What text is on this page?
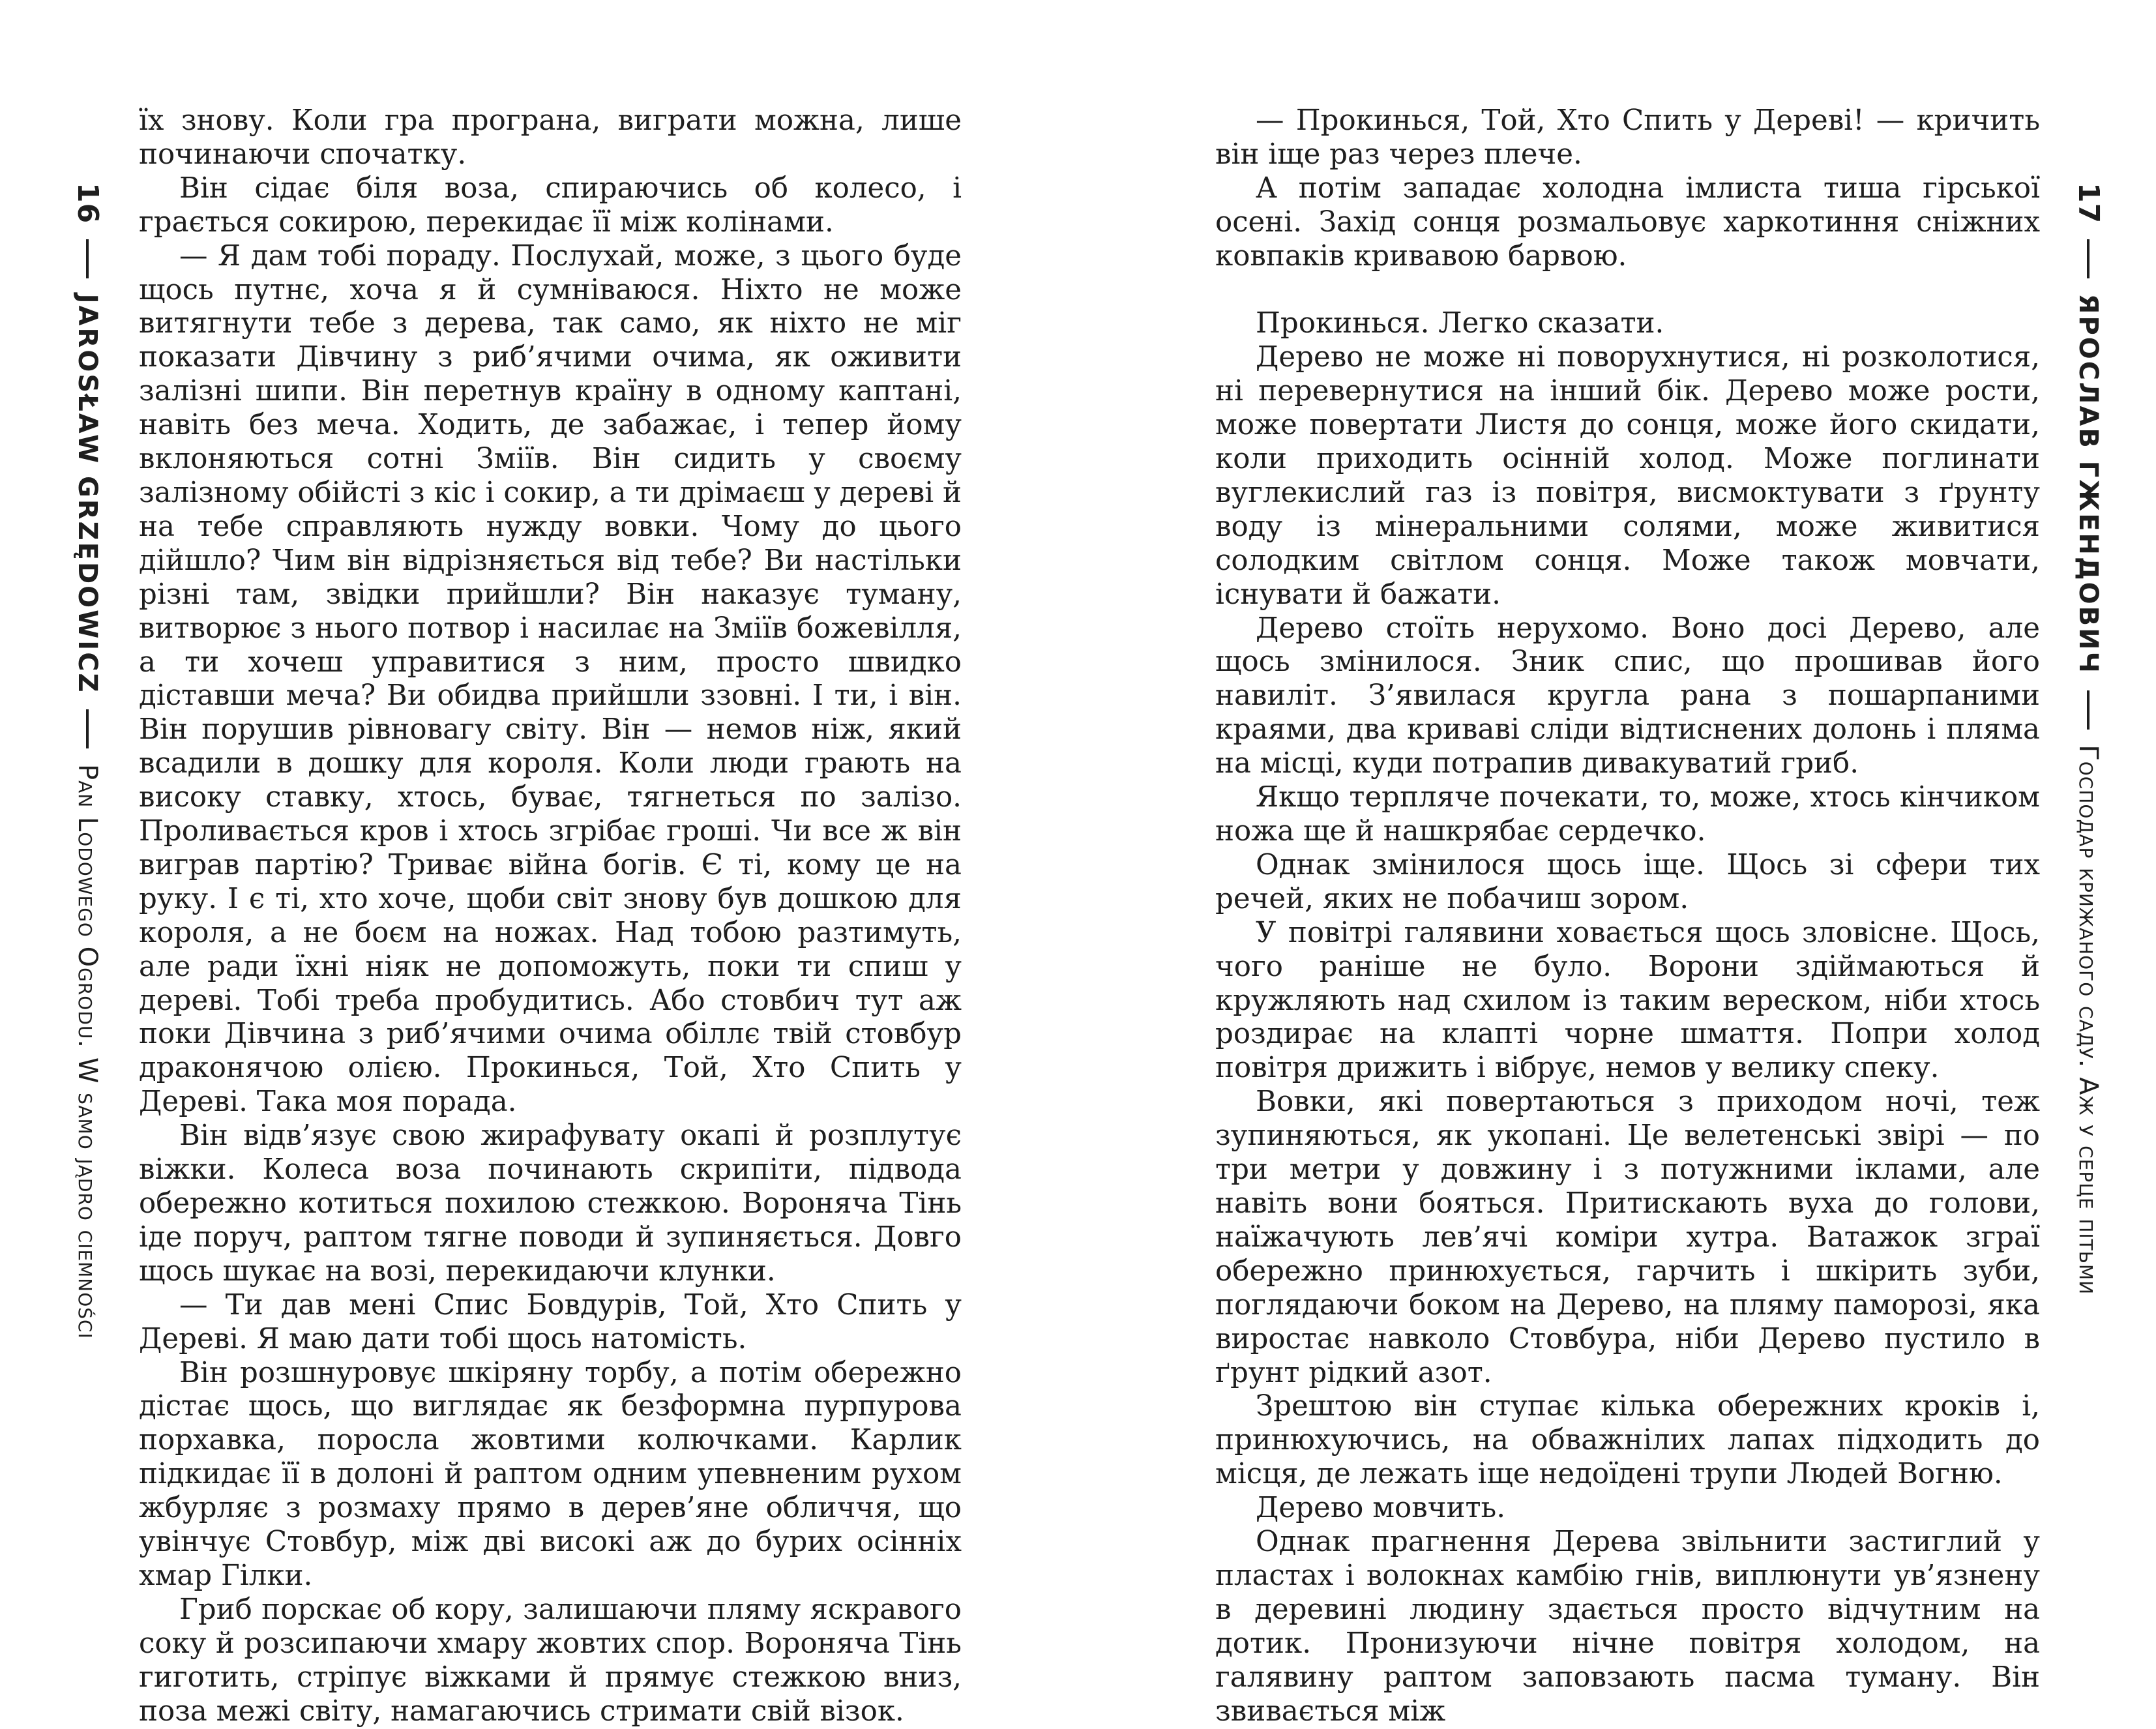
16  JAROSŁAW GRZĘDOWICZ  Pan Lodowego Ogrodu. W samo jądro ciemności

їх знову. Коли гра програна, виграти можна, лише починаючи спочатку.

Він сідає біля воза, спираючись об колесо, і грається сокирою, перекидає її між колінами.

— Я дам тобі пораду. Послухай, може, з цього буде щось путнє, хоча я й сумніваюся. Ніхто не може витягнути тебе з дерева, так само, як ніхто не міг показати Дівчину з риб’ячими очима, як оживити залізні шипи. Він перетнув країну в одному каптані, навіть без меча. Ходить, де забажає, і тепер йому вклоняються сотні Зміїв. Він сидить у своєму залізному обійсті з кіс і сокир, а ти дрімаєш у дереві й на тебе справляють нужду вовки. Чому до цього дійшло? Чим він відрізняється від тебе? Ви настільки різні там, звідки прийшли? Він наказує туману, витворює з нього потвор і насилає на Зміїв божевілля, а ти хочеш управитися з ним, просто швидко діставши меча? Ви обидва прийшли ззовні. І ти, і він. Він порушив рівновагу світу. Він — немов ніж, який всадили в дошку для короля. Коли люди грають на високу ставку, хтось, буває, тягнеться по залізо. Проливається кров і хтось згрібає гроші. Чи все ж він виграв партію? Триває війна богів. Є ті, кому це на руку. І є ті, хто хоче, щоби світ знову був дошкою для короля, а не боєм на ножах. Над тобою разтимуть, але ради їхні ніяк не допоможуть, поки ти спиш у дереві. Тобі треба пробудитись. Або стовбич тут аж поки Дівчина з риб’ячими очима обіллє твій стовбур драконячою олією. Прокинься, Той, Хто Спить у Дереві. Така моя порада.

Він відв’язує свою жирафувату окапі й розплутує віжки. Колеса воза починають скрипіти, підвода обережно котиться похилою стежкою. Вороняча Тінь іде поруч, раптом тягне поводи й зупиняється. Довго щось шукає на возі, перекидаючи клунки.

— Ти дав мені Спис Бовдурів, Той, Хто Спить у Дереві. Я маю дати тобі щось натомість.

Він розшнуровує шкіряну торбу, а потім обережно дістає щось, що виглядає як безформна пурпурова порхавка, поросла жовтими колючками. Карлик підкидає її в долоні й раптом одним упевненим рухом жбурляє з розмаху прямо в дерев’яне обличчя, що увінчує Стовбур, між дві високі аж до бурих осінніх хмар Гілки.

Гриб порскає об кору, залишаючи пляму яскравого соку й розсипаючи хмару жовтих спор. Вороняча Тінь гиготить, стріпує віжками й прямує стежкою вниз, поза межі світу, намагаючись стримати свій візок.

— Прокинься, Той, Хто Спить у Дереві! — кричить він іще раз через плече.

А потім западає холодна імлиста тиша гірської осені. Захід сонця розмальовує харкотиння сніжних ковпаків кривавою барвою.

Прокинься. Легко сказати.

Дерево не може ні поворухнутися, ні розколотися, ні перевернутися на інший бік. Дерево може рости, може повертати Листя до сонця, може його скидати, коли приходить осінній холод. Може поглинати вуглекислий газ із повітря, висмоктувати з ґрунту воду із мінеральними солями, може живитися солодким світлом сонця. Може також мовчати, існувати й бажати.

Дерево стоїть нерухомо. Воно досі Дерево, але щось змінилося. Зник спис, що прошивав його навиліт. З’явилася кругла рана з пошарпаними краями, два криваві сліди відтиснених долонь і пляма на місці, куди потрапив дивакуватий гриб.

Якщо терпляче почекати, то, може, хтось кінчиком ножа ще й нашкрябає сердечко.

Однак змінилося щось іще. Щось зі сфери тих речей, яких не побачиш зором.

У повітрі галявини ховається щось зловісне. Щось, чого раніше не було. Ворони здіймаються й кружляють над схилом із таким вереском, ніби хтось роздирає на клапті чорне шмаття. Попри холод повітря дрижить і вібрує, немов у велику спеку.

Вовки, які повертаються з приходом ночі, теж зупиняються, як укопані. Це велетенські звірі — по три метри у довжину і з потужними іклами, але навіть вони бояться. Притискають вуха до голови, наїжачують лев’ячі коміри хутра. Ватажок зграї обережно принюхується, гарчить і шкірить зуби, поглядаючи боком на Дерево, на пляму паморозі, яка виростає навколо Стовбура, ніби Дерево пустило в ґрунт рідкий азот.

Зрештою він ступає кілька обережних кроків і, принюхуючись, на обважнілих лапах підходить до місця, де лежать іще недоїдені трупи Людей Вогню.

Дерево мовчить.

Однак прагнення Дерева звільнити застиглий у пластах і волокнах камбію гнів, виплюнути ув’язнену в деревині людину здається просто відчутним на дотик. Пронизуючи нічне повітря холодом, на галявину раптом заповзають пасма туману. Він звивається між

17  ЯРОСЛАВ ГЖЕНДОВИЧ  Господар крижаного саду. Аж у серце пітьми
